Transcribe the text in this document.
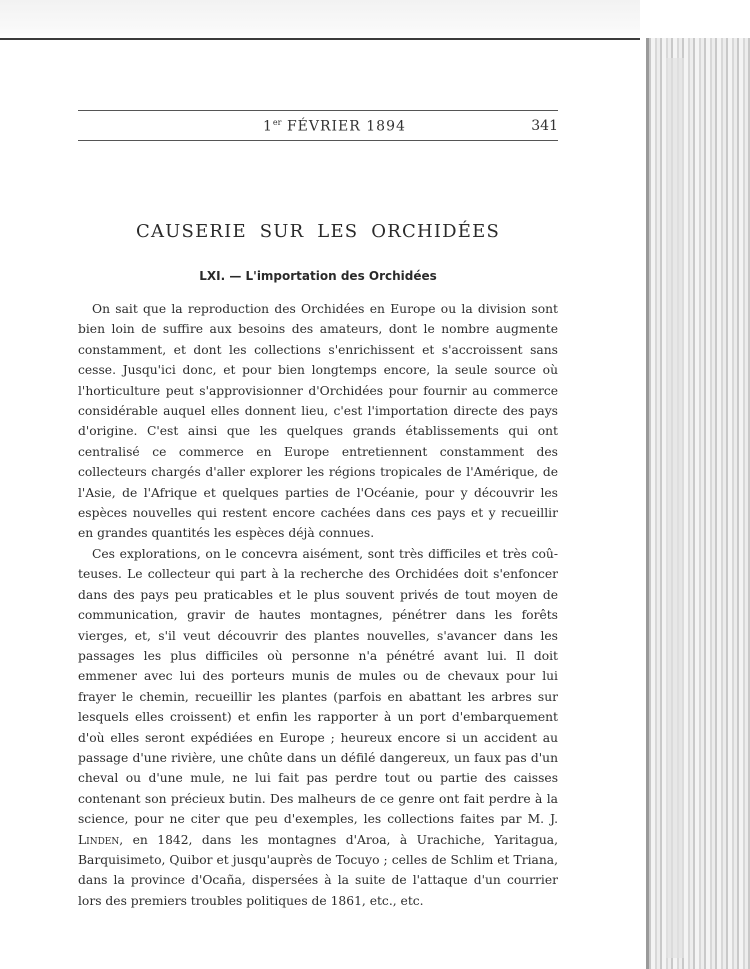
1er FÉVRIER 1894	341
CAUSERIE SUR LES ORCHIDÉES
LXI. — L'importation des Orchidées

On sait que la reproduction des Orchidées en Europe ou la division sont bien loin de suffire aux besoins des amateurs, dont le nombre augmente constamment, et dont les collections s'enrichissent et s'accroissent sans cesse. Jusqu'ici donc, et pour bien longtemps encore, la seule source où l'horticulture peut s'approvisionner d'Orchidées pour fournir au commerce considérable auquel elles donnent lieu, c'est l'importation directe des pays d'origine. C'est ainsi que les quelques grands établissements qui ont centralisé ce commerce en Europe entretiennent constamment des collecteurs chargés d'aller explorer les régions tropicales de l'Amérique, de l'Asie, de l'Afrique et quelques parties de l'Océanie, pour y découvrir les espèces nouvelles qui restent encore cachées dans ces pays et y recueillir en grandes quantités les espèces déjà connues.

Ces explorations, on le concevra aisément, sont très difficiles et très coûteuses. Le collecteur qui part à la recherche des Orchidées doit s'enfoncer dans des pays peu praticables et le plus souvent privés de tout moyen de communication, gravir de hautes montagnes, pénétrer dans les forêts vierges, et, s'il veut découvrir des plantes nouvelles, s'avancer dans les passages les plus difficiles où personne n'a pénétré avant lui. Il doit emmener avec lui des porteurs munis de mules ou de chevaux pour lui frayer le chemin, recueillir les plantes (parfois en abattant les arbres sur lesquels elles croissent) et enfin les rapporter à un port d'embarquement d'où elles seront expédiées en Europe ; heureux encore si un accident au passage d'une rivière, une chûte dans un défilé dangereux, un faux pas d'un cheval ou d'une mule, ne lui fait pas perdre tout ou partie des caisses contenant son précieux butin. Des malheurs de ce genre ont fait perdre à la science, pour ne citer que peu d'exemples, les collections faites par M. J. Linden, en 1842, dans les montagnes d'Aroa, à Urachiche, Yaritagua, Barquisimeto, Quibor et jusqu'auprès de Tocuyo ; celles de Schlim et Triana, dans la province d'Ocaña, dispersées à la suite de l'attaque d'un courrier lors des premiers troubles politiques de 1861, etc., etc.
